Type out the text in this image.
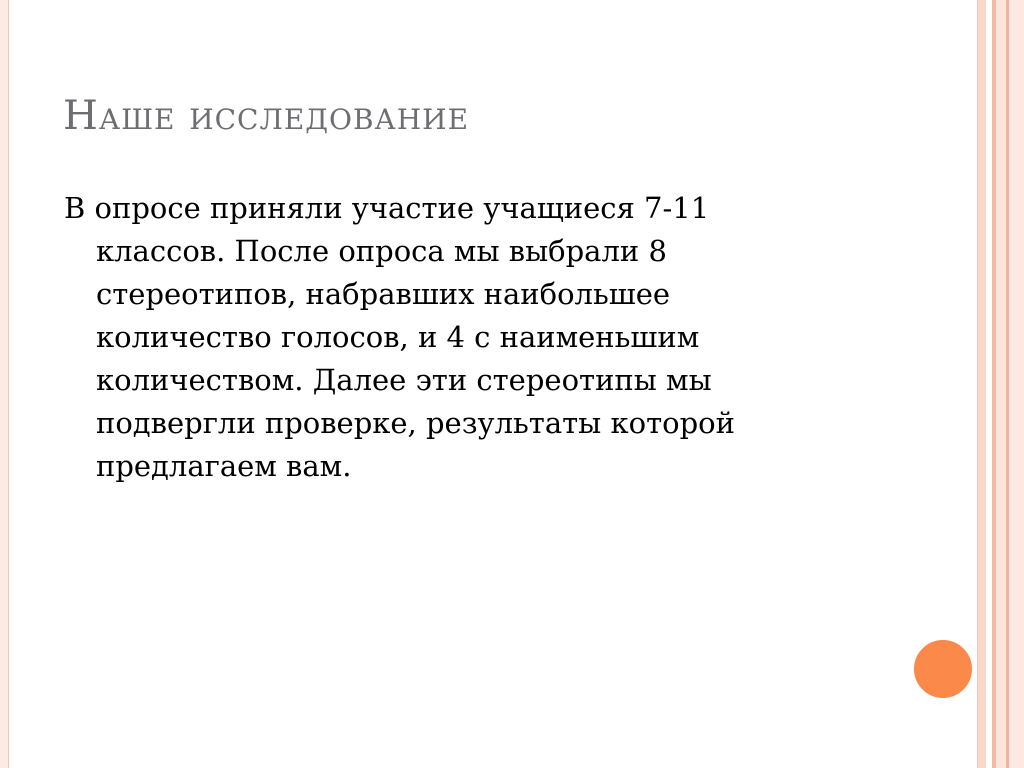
Наше исследование

В опросе приняли участие учащиеся 7-11 классов. После опроса мы выбрали 8 стереотипов, набравших наибольшее количество голосов, и 4 с наименьшим количеством. Далее эти стереотипы мы подвергли проверке, результаты которой предлагаем вам.
